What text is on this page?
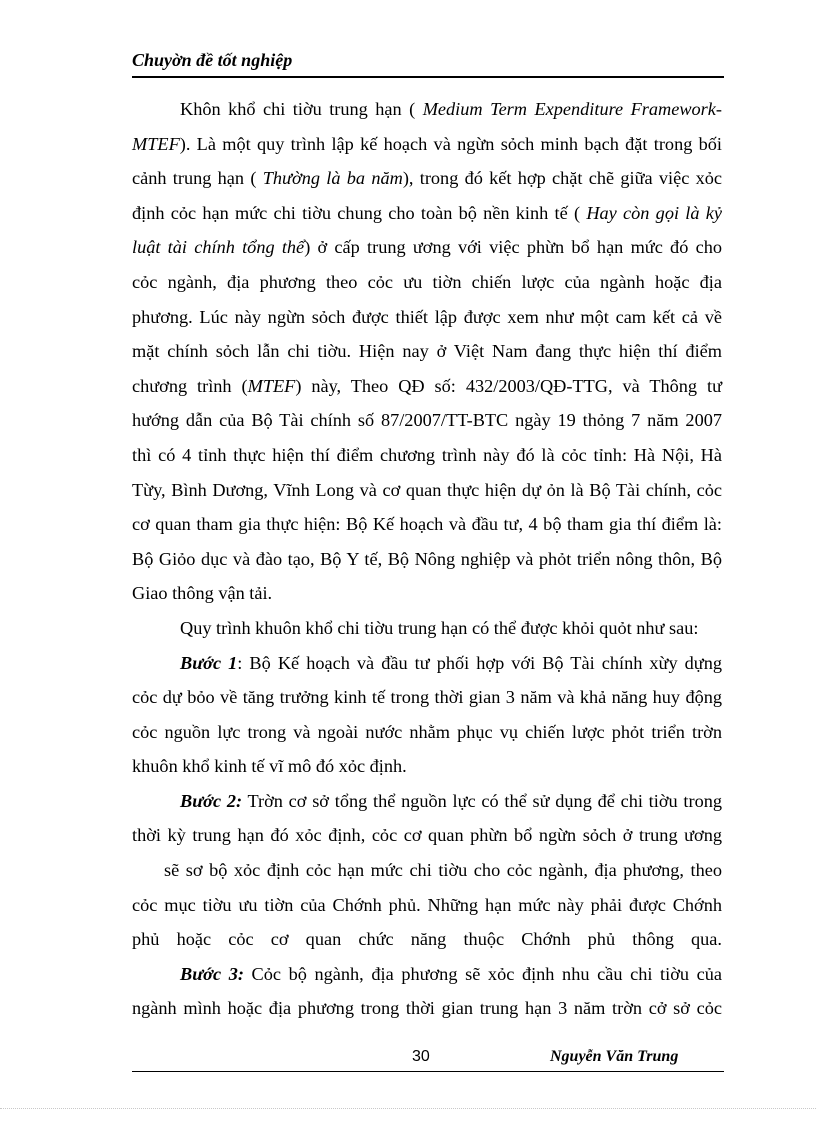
Chuyờn đề tốt nghiệp
Khôn khổ chi tiờu trung hạn ( Medium Term Expenditure Framework-
MTEF). Là một quy trình lập kế hoạch và ngừn sỏch minh bạch đặt trong bối
cảnh trung hạn ( Thường là ba năm), trong đó kết hợp chặt chẽ giữa việc xỏc
định cỏc hạn mức chi tiờu chung cho toàn bộ nền kinh tế ( Hay còn gọi là kỷ
luật tài chính tổng thể) ở cấp trung ương với việc phừn bổ hạn mức đó cho
cỏc ngành, địa phương theo cỏc ưu tiờn chiến lược của ngành hoặc địa
phương. Lúc này ngừn sỏch được thiết lập được xem như một cam kết cả về
mặt chính sỏch lẫn chi tiờu. Hiện nay ở Việt Nam đang thực hiện thí điểm
chương trình (MTEF) này, Theo QĐ số: 432/2003/QĐ-TTG, và Thông tư
hướng dẫn của Bộ Tài chính số 87/2007/TT-BTC ngày 19 thỏng 7 năm 2007
thì có 4 tỉnh thực hiện thí điểm chương trình này đó là cỏc tỉnh: Hà Nội, Hà
Từy, Bình Dương, Vĩnh Long và cơ quan thực hiện dự ỏn là Bộ Tài chính, cỏc
cơ quan tham gia thực hiện: Bộ Kế hoạch và đầu tư, 4 bộ tham gia thí điểm là:
Bộ Giỏo dục và đào tạo, Bộ Y tế, Bộ Nông nghiệp và phỏt triển nông thôn, Bộ
Giao thông vận tải.
Quy trình khuôn khổ chi tiờu trung hạn có thể được khỏi quỏt như sau:
Bước 1: Bộ Kế hoạch và đầu tư phối hợp với Bộ Tài chính xừy dựng
cỏc dự bỏo về tăng trưởng kinh tế trong thời gian 3 năm và khả năng huy động
cỏc nguồn lực trong và ngoài nước nhằm phục vụ chiến lược phỏt triển trờn
khuôn khổ kinh tế vĩ mô đó xỏc định.
Bước 2: Trờn cơ sở tổng thể nguồn lực có thể sử dụng để chi tiờu trong
thời kỳ trung hạn đó xỏc định, cỏc cơ quan phừn bổ ngừn sỏch ở trung ương
sẽ sơ bộ xỏc định cỏc hạn mức chi tiờu cho cỏc ngành, địa phương, theo
cỏc mục tiờu ưu tiờn của Chớnh phủ. Những hạn mức này phải được Chớnh
phủ hoặc cỏc cơ quan chức năng thuộc Chớnh phủ thông qua.
Bước 3: Cỏc bộ ngành, địa phương sẽ xỏc định nhu cầu chi tiờu của
ngành mình hoặc địa phương trong thời gian trung hạn 3 năm trờn cở sở cỏc
30	Nguyễn Văn Trung
